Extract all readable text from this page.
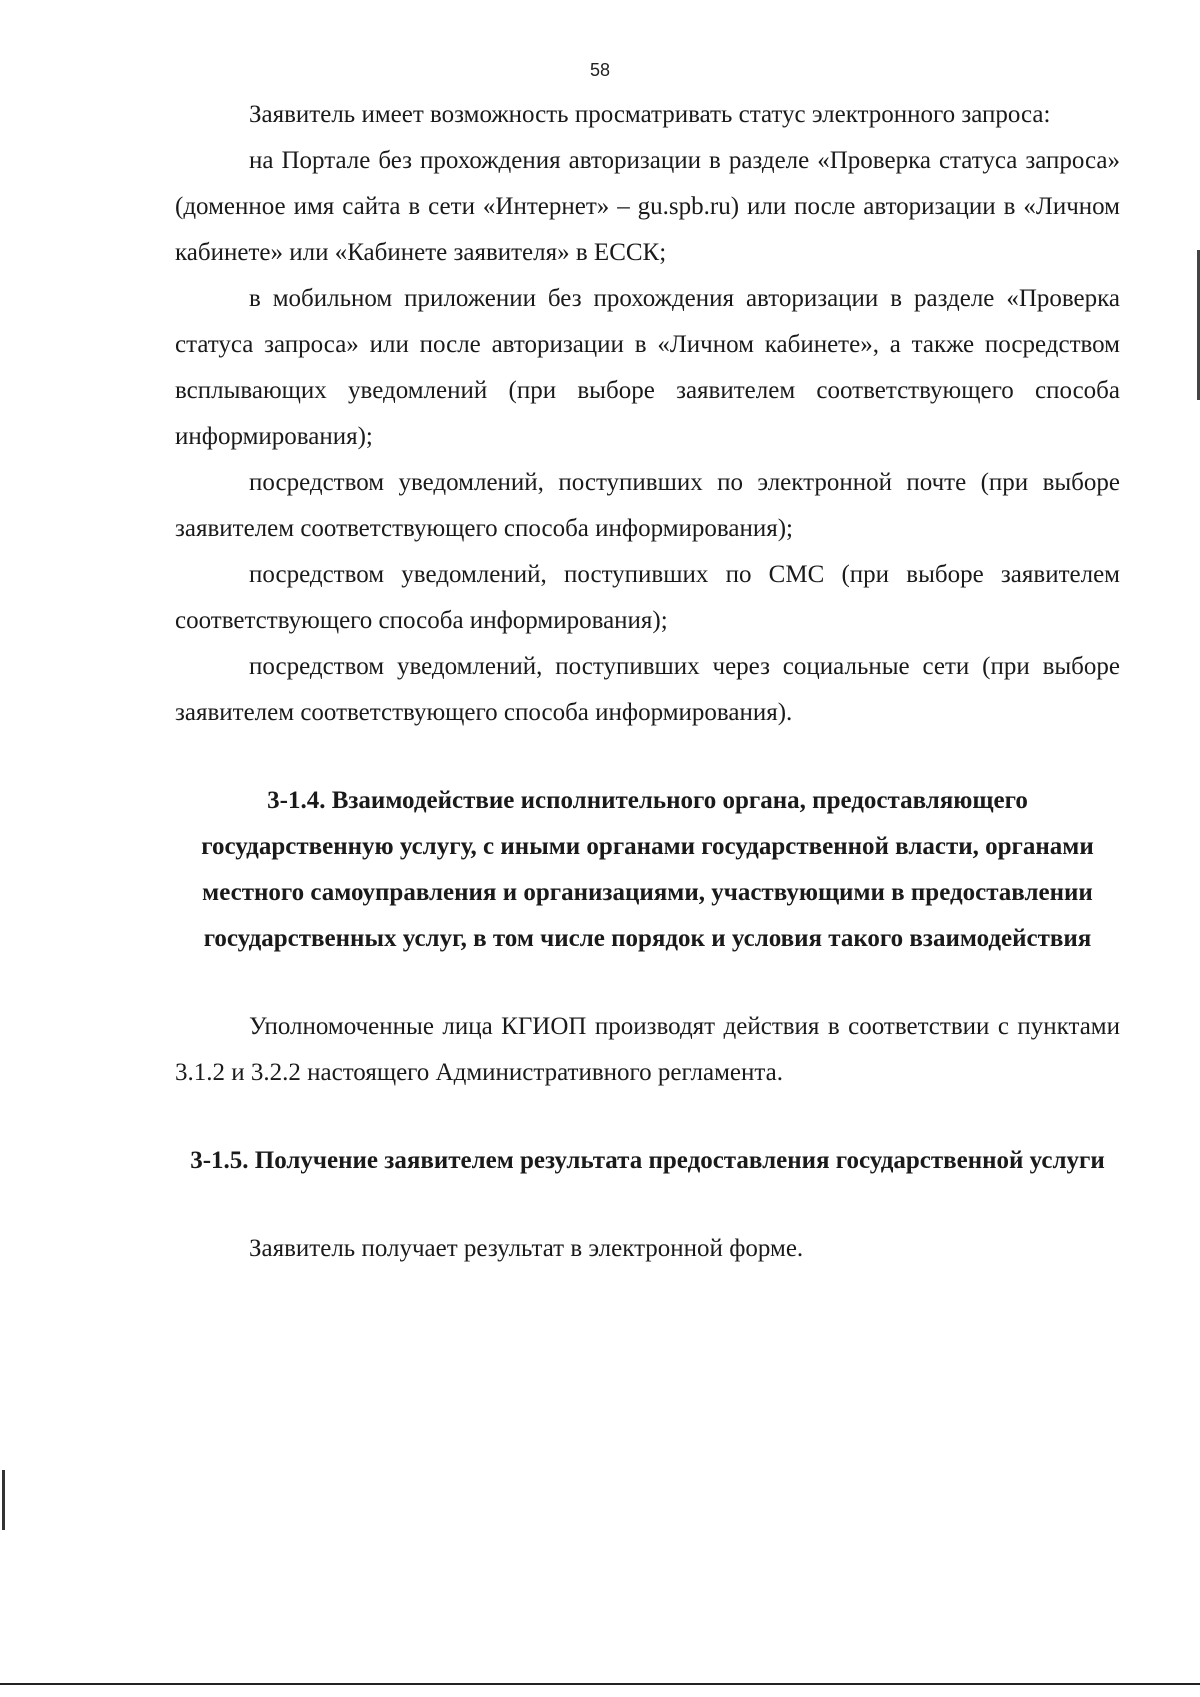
58

Заявитель имеет возможность просматривать статус электронного запроса:

на Портале без прохождения авторизации в разделе «Проверка статуса запроса» (доменное имя сайта в сети «Интернет» – gu.spb.ru) или после авторизации в «Личном кабинете» или «Кабинете заявителя» в ЕССК;

в мобильном приложении без прохождения авторизации в разделе «Проверка статуса запроса» или после авторизации в «Личном кабинете», а также посредством всплывающих уведомлений (при выборе заявителем соответствующего способа информирования);

посредством уведомлений, поступивших по электронной почте (при выборе заявителем соответствующего способа информирования);

посредством уведомлений, поступивших по СМС (при выборе заявителем соответствующего способа информирования);

посредством уведомлений, поступивших через социальные сети (при выборе заявителем соответствующего способа информирования).

3-1.4. Взаимодействие исполнительного органа, предоставляющего государственную услугу, с иными органами государственной власти, органами местного самоуправления и организациями, участвующими в предоставлении государственных услуг, в том числе порядок и условия такого взаимодействия

Уполномоченные лица КГИОП производят действия в соответствии с пунктами 3.1.2 и 3.2.2 настоящего Административного регламента.

3-1.5. Получение заявителем результата предоставления государственной услуги

Заявитель получает результат в электронной форме.
